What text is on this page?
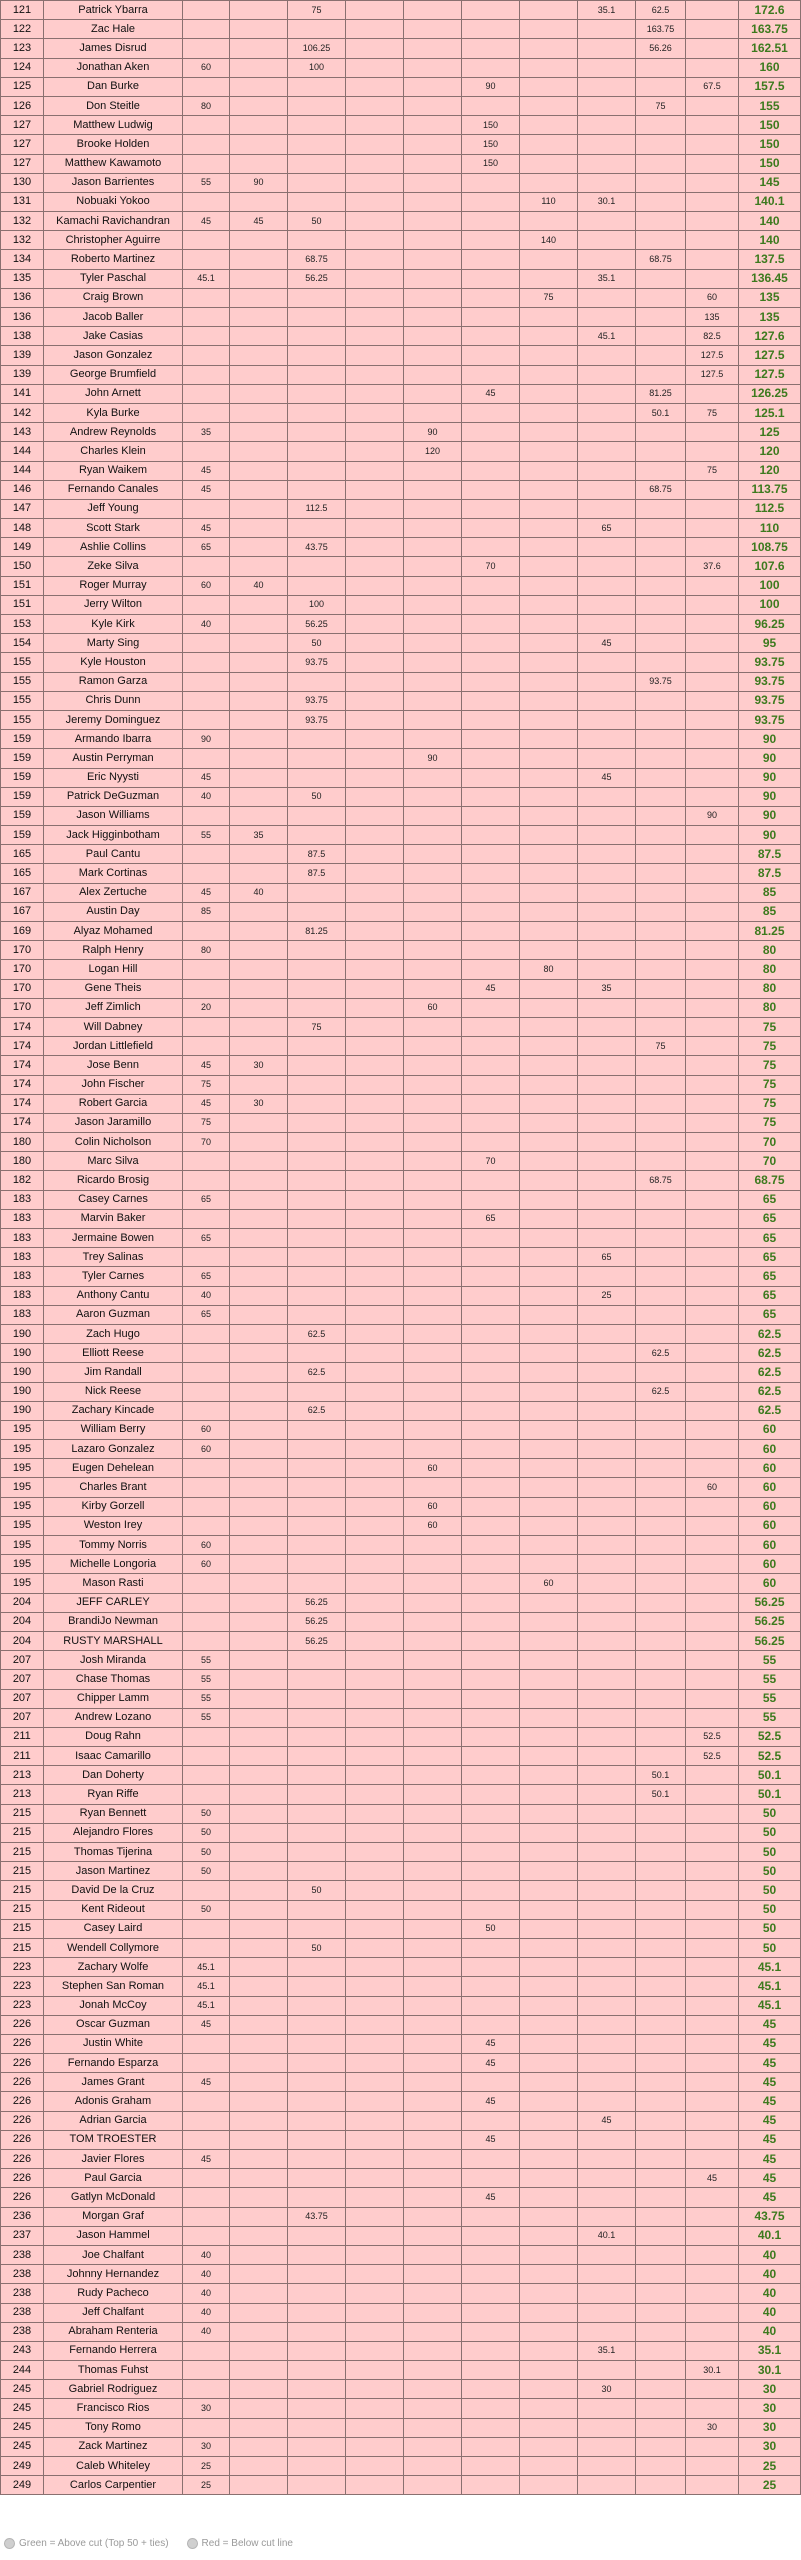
121	Patrick Ybarra			75					35.1	62.5		172.6
122	Zac Hale									163.75		163.75
123	James Disrud			106.25						56.26		162.51
124	Jonathan Aken	60		100								160
125	Dan Burke						90				67.5	157.5
126	Don Steitle	80								75		155
127	Matthew Ludwig						150					150
127	Brooke Holden						150					150
127	Matthew Kawamoto						150					150
130	Jason Barrientes	55	90									145
131	Nobuaki Yokoo							110	30.1			140.1
132	Kamachi Ravichandran	45	45	50								140
132	Christopher Aguirre							140				140
134	Roberto Martinez			68.75						68.75		137.5
135	Tyler Paschal	45.1		56.25					35.1			136.45
136	Craig Brown							75			60	135
136	Jacob Baller										135	135
138	Jake Casias								45.1		82.5	127.6
139	Jason Gonzalez										127.5	127.5
139	George Brumfield										127.5	127.5
141	John Arnett						45			81.25		126.25
142	Kyla Burke									50.1	75	125.1
143	Andrew Reynolds	35				90						125
144	Charles Klein					120						120
144	Ryan Waikem	45									75	120
146	Fernando Canales	45								68.75		113.75
147	Jeff Young			112.5								112.5
148	Scott Stark	45							65			110
149	Ashlie Collins	65		43.75								108.75
150	Zeke Silva						70				37.6	107.6
151	Roger Murray	60	40									100
151	Jerry Wilton			100								100
153	Kyle Kirk	40		56.25								96.25
154	Marty Sing			50					45			95
155	Kyle Houston			93.75								93.75
155	Ramon Garza									93.75		93.75
155	Chris Dunn			93.75								93.75
155	Jeremy Dominguez			93.75								93.75
159	Armando Ibarra	90										90
159	Austin Perryman					90						90
159	Eric Nyysti	45							45			90
159	Patrick DeGuzman	40		50								90
159	Jason Williams										90	90
159	Jack Higginbotham	55	35									90
165	Paul Cantu			87.5								87.5
165	Mark Cortinas			87.5								87.5
167	Alex Zertuche	45	40									85
167	Austin Day	85										85
169	Alyaz Mohamed			81.25								81.25
170	Ralph Henry	80										80
170	Logan Hill							80				80
170	Gene Theis						45		35			80
170	Jeff Zimlich	20				60						80
174	Will Dabney			75								75
174	Jordan Littlefield									75		75
174	Jose Benn	45	30									75
174	John Fischer	75										75
174	Robert Garcia	45	30									75
174	Jason Jaramillo	75										75
180	Colin Nicholson	70										70
180	Marc Silva						70					70
182	Ricardo Brosig									68.75		68.75
183	Casey Carnes	65										65
183	Marvin Baker						65					65
183	Jermaine Bowen	65										65
183	Trey Salinas								65			65
183	Tyler Carnes	65										65
183	Anthony Cantu	40							25			65
183	Aaron Guzman	65										65
190	Zach Hugo			62.5								62.5
190	Elliott Reese									62.5		62.5
190	Jim Randall			62.5								62.5
190	Nick Reese									62.5		62.5
190	Zachary Kincade			62.5								62.5
195	William Berry	60										60
195	Lazaro Gonzalez	60										60
195	Eugen Dehelean					60						60
195	Charles Brant										60	60
195	Kirby Gorzell					60						60
195	Weston Irey					60						60
195	Tommy Norris	60										60
195	Michelle Longoria	60										60
195	Mason Rasti							60				60
204	JEFF CARLEY			56.25								56.25
204	BrandiJo Newman			56.25								56.25
204	RUSTY MARSHALL			56.25								56.25
207	Josh Miranda	55										55
207	Chase Thomas	55										55
207	Chipper Lamm	55										55
207	Andrew Lozano	55										55
211	Doug Rahn										52.5	52.5
211	Isaac Camarillo										52.5	52.5
213	Dan Doherty									50.1		50.1
213	Ryan Riffe									50.1		50.1
215	Ryan Bennett	50										50
215	Alejandro Flores	50										50
215	Thomas Tijerina	50										50
215	Jason Martinez	50										50
215	David De la Cruz			50								50
215	Kent Rideout	50										50
215	Casey Laird						50					50
215	Wendell Collymore			50								50
223	Zachary Wolfe	45.1										45.1
223	Stephen San Roman	45.1										45.1
223	Jonah McCoy	45.1										45.1
226	Oscar Guzman	45										45
226	Justin White						45					45
226	Fernando Esparza						45					45
226	James Grant	45										45
226	Adonis Graham						45					45
226	Adrian Garcia								45			45
226	TOM TROESTER						45					45
226	Javier Flores	45										45
226	Paul Garcia										45	45
226	Gatlyn McDonald						45					45
236	Morgan Graf			43.75								43.75
237	Jason Hammel								40.1			40.1
238	Joe Chalfant	40										40
238	Johnny Hernandez	40										40
238	Rudy Pacheco	40										40
238	Jeff Chalfant	40										40
238	Abraham Renteria	40										40
243	Fernando Herrera								35.1			35.1
244	Thomas Fuhst										30.1	30.1
245	Gabriel Rodriguez								30			30
245	Francisco Rios	30										30
245	Tony Romo										30	30
245	Zack Martinez	30										30
249	Caleb Whiteley	25										25
249	Carlos Carpentier	25										25
Green = Above cut (Top 50 + ties)	Red = Below cut line
